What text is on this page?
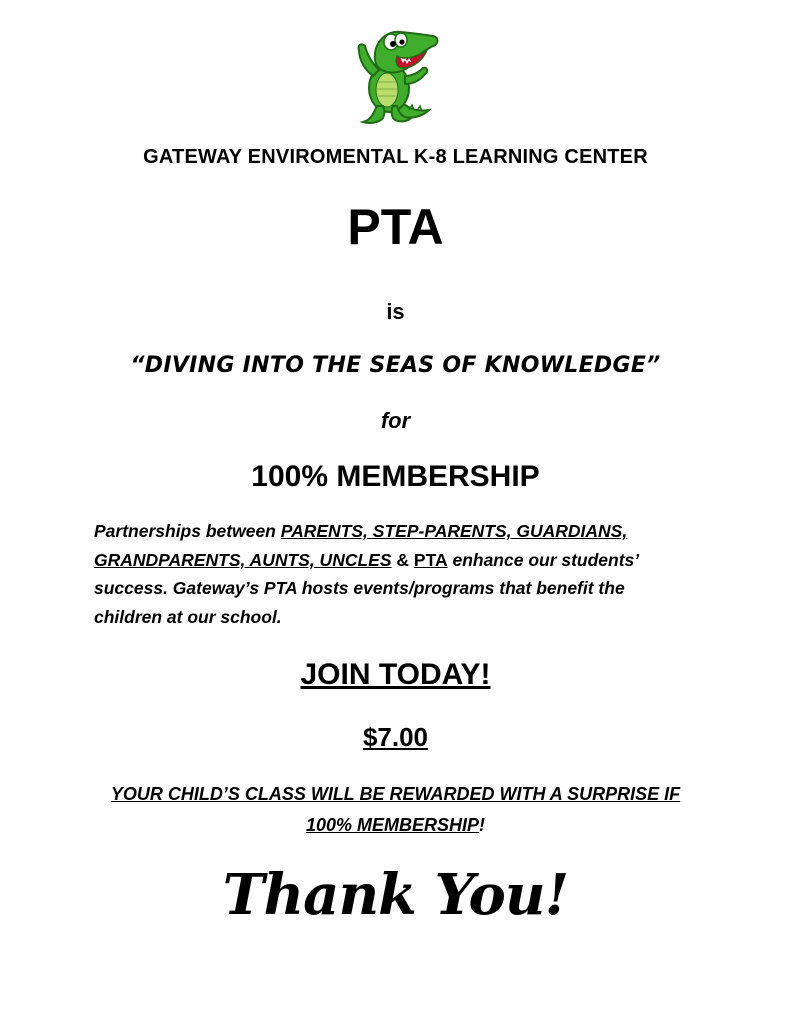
GATEWAY ENVIROMENTAL K-8 LEARNING CENTER
PTA
is
“DIVING INTO THE SEAS OF KNOWLEDGE”
for
100% MEMBERSHIP
Partnerships between PARENTS, STEP-PARENTS, GUARDIANS,
GRANDPARENTS, AUNTS, UNCLES & PTA enhance our students’
success. Gateway’s PTA hosts events/programs that benefit the
children at our school.
JOIN TODAY!
$7.00
YOUR CHILD’S CLASS WILL BE REWARDED WITH A SURPRISE IF
100% MEMBERSHIP!
Thank You!
